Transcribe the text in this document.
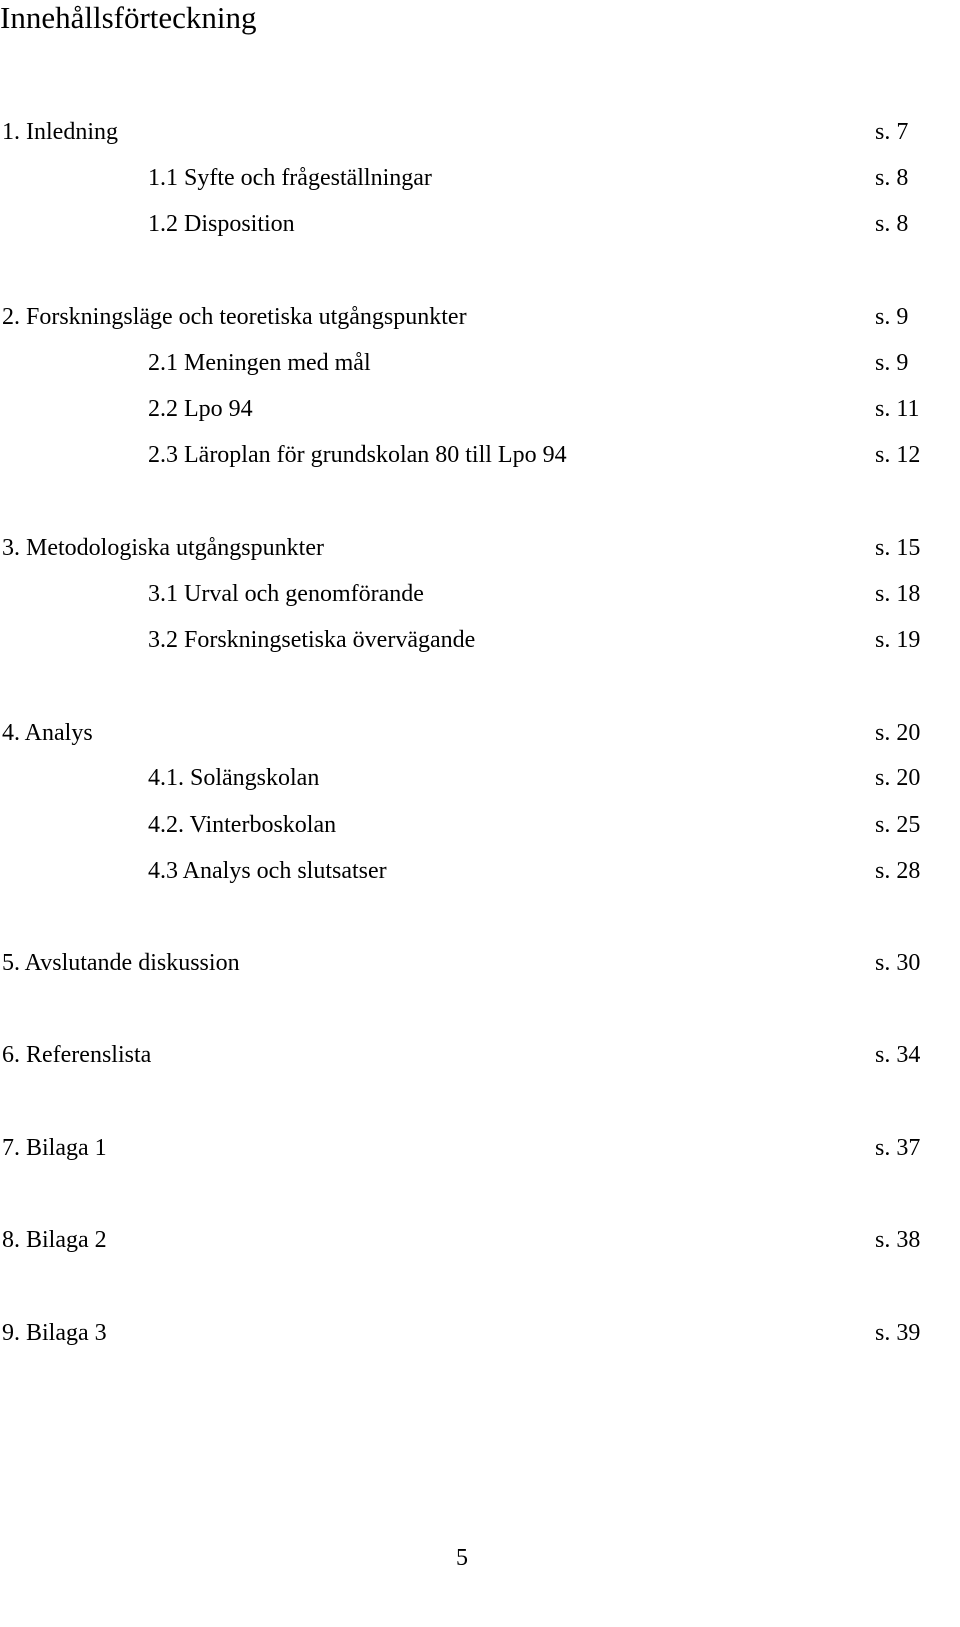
Innehållsförteckning
1. Inledning	s. 7
1.1 Syfte och frågeställningar	s. 8
1.2 Disposition	s. 8
2. Forskningsläge och teoretiska utgångspunkter	s. 9
2.1 Meningen med mål	s. 9
2.2 Lpo 94	s. 11
2.3 Läroplan för grundskolan 80 till Lpo 94	s. 12
3. Metodologiska utgångspunkter	s. 15
3.1 Urval och genomförande	s. 18
3.2 Forskningsetiska övervägande	s. 19
4. Analys	s. 20
4.1. Solängskolan	s. 20
4.2. Vinterboskolan	s. 25
4.3 Analys och slutsatser	s. 28
5. Avslutande diskussion	s. 30
6. Referenslista	s. 34
7. Bilaga 1	s. 37
8. Bilaga 2	s. 38
9. Bilaga 3	s. 39
5
